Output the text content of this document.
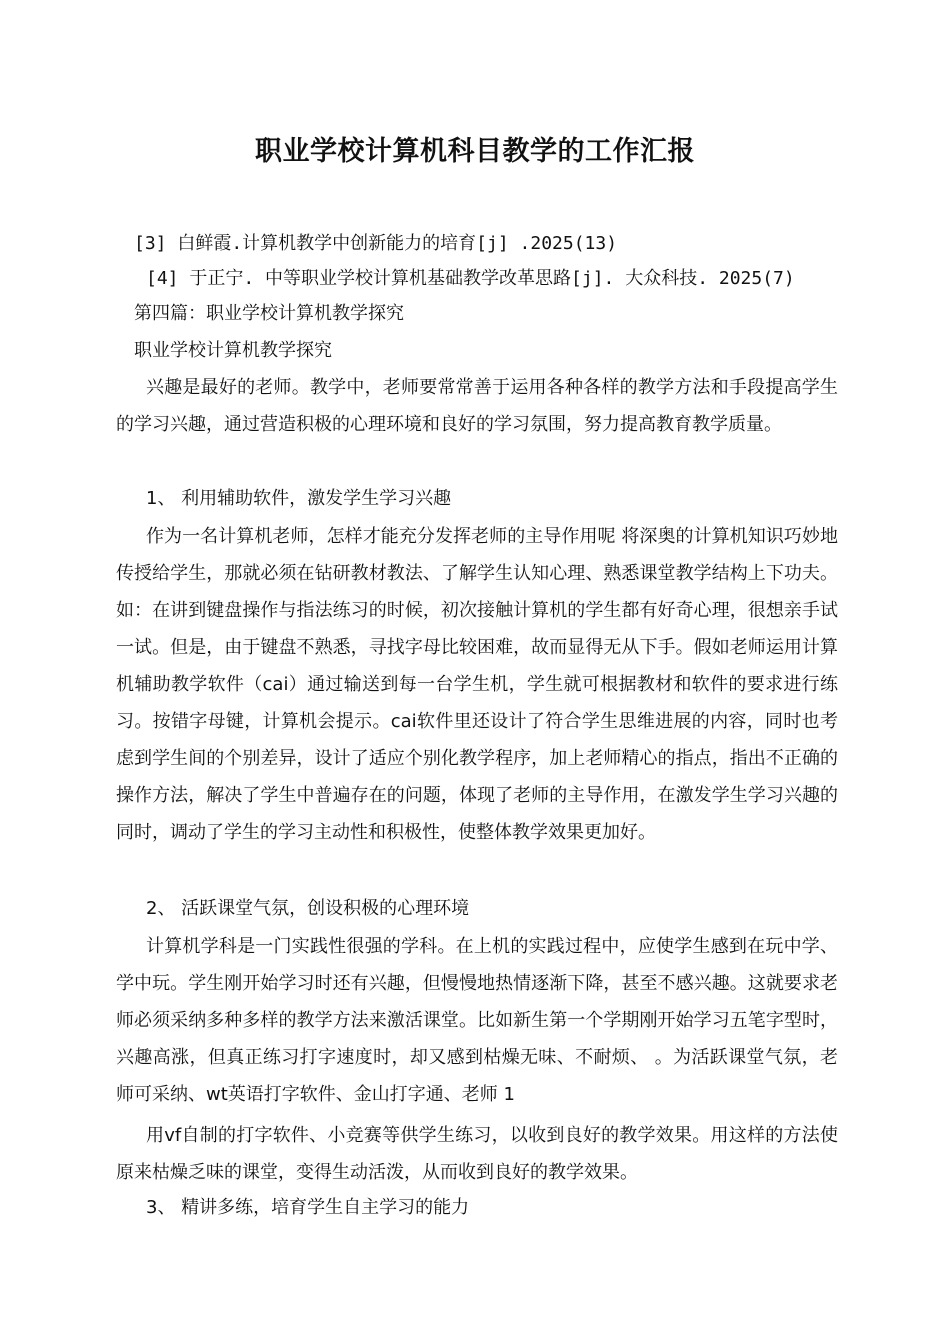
职业学校计算机科目教学的工作汇报
[3] 白鲜霞.计算机教学中创新能力的培育[j] .2025(13)
[4] 于正宁. 中等职业学校计算机基础教学改革思路[j]. 大众科技. 2025(7)
第四篇：职业学校计算机教学探究
职业学校计算机教学探究
兴趣是最好的老师。教学中，老师要常常善于运用各种各样的教学方法和手段提高学生的学习兴趣，通过营造积极的心理环境和良好的学习氛围，努力提高教育教学质量。
1、 利用辅助软件，激发学生学习兴趣
作为一名计算机老师，怎样才能充分发挥老师的主导作用呢 将深奥的计算机知识巧妙地传授给学生，那就必须在钻研教材教法、了解学生认知心理、熟悉课堂教学结构上下功夫。如：在讲到键盘操作与指法练习的时候，初次接触计算机的学生都有好奇心理，很想亲手试一试。但是，由于键盘不熟悉，寻找字母比较困难，故而显得无从下手。假如老师运用计算机辅助教学软件（cai）通过输送到每一台学生机，学生就可根据教材和软件的要求进行练习。按错字母键，计算机会提示。cai软件里还设计了符合学生思维进展的内容，同时也考虑到学生间的个别差异，设计了适应个别化教学程序，加上老师精心的指点，指出不正确的操作方法，解决了学生中普遍存在的问题，体现了老师的主导作用，在激发学生学习兴趣的同时，调动了学生的学习主动性和积极性，使整体教学效果更加好。
2、 活跃课堂气氛，创设积极的心理环境
计算机学科是一门实践性很强的学科。在上机的实践过程中，应使学生感到在玩中学、学中玩。学生刚开始学习时还有兴趣，但慢慢地热情逐渐下降，甚至不感兴趣。这就要求老师必须采纳多种多样的教学方法来激活课堂。比如新生第一个学期刚开始学习五笔字型时，兴趣高涨，但真正练习打字速度时，却又感到枯燥无味、不耐烦、 。为活跃课堂气氛，老师可采纳、wt英语打字软件、金山打字通、老师 1
用vf自制的打字软件、小竞赛等供学生练习，以收到良好的教学效果。用这样的方法使原来枯燥乏味的课堂，变得生动活泼，从而收到良好的教学效果。
3、 精讲多练，培育学生自主学习的能力
